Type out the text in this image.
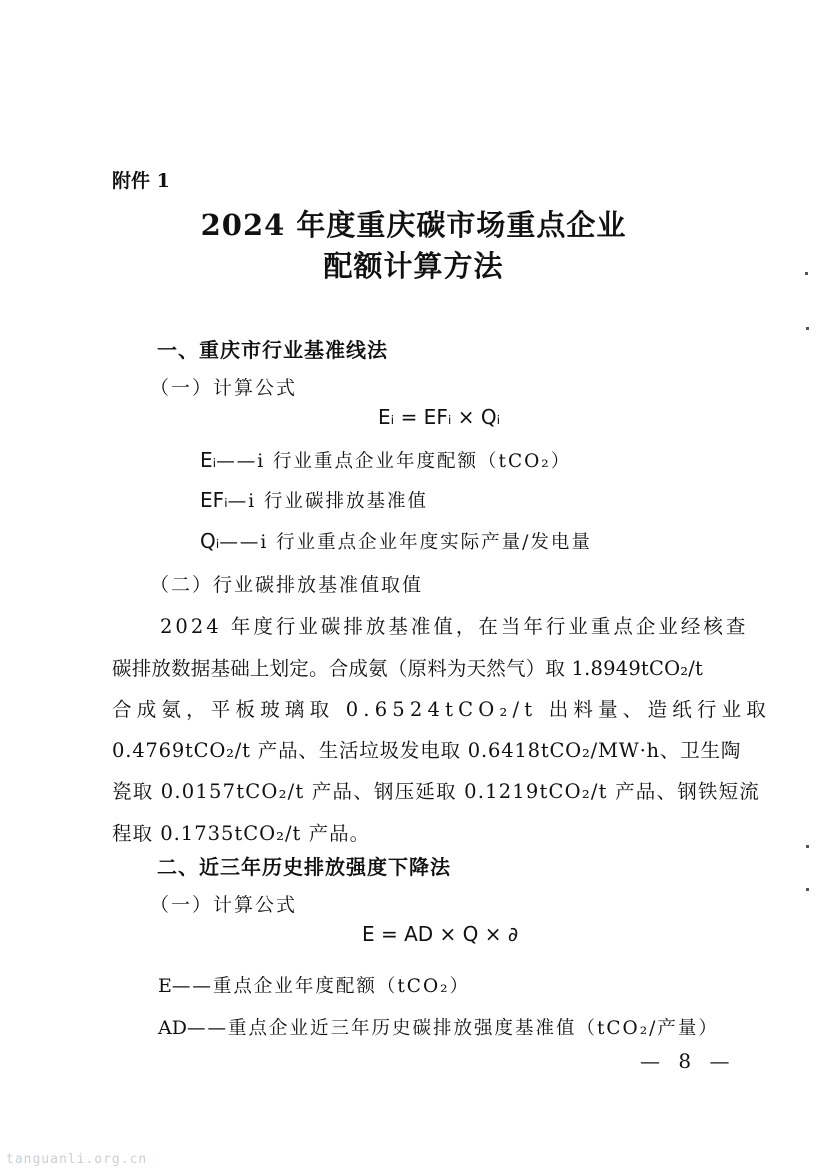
附件 1
2024 年度重庆碳市场重点企业
配额计算方法
一、重庆市行业基准线法
（一）计算公式
Eᵢ = EFᵢ × Qᵢ
Eᵢ——i 行业重点企业年度配额（tCO₂）
EFᵢ—i 行业碳排放基准值
Qᵢ——i 行业重点企业年度实际产量/发电量
（二）行业碳排放基准值取值
2024 年度行业碳排放基准值，在当年行业重点企业经核查
碳排放数据基础上划定。合成氨（原料为天然气）取 1.8949tCO₂/t
合成氨，平板玻璃取 0.6524tCO₂/t 出料量、造纸行业取
0.4769tCO₂/t 产品、生活垃圾发电取 0.6418tCO₂/MW·h、卫生陶
瓷取 0.0157tCO₂/t 产品、钢压延取 0.1219tCO₂/t 产品、钢铁短流
程取 0.1735tCO₂/t 产品。
二、近三年历史排放强度下降法
（一）计算公式
E = AD × Q × ∂
E——重点企业年度配额（tCO₂）
AD——重点企业近三年历史碳排放强度基准值（tCO₂/产量）
— 8 —
tanguanli.org.cn
